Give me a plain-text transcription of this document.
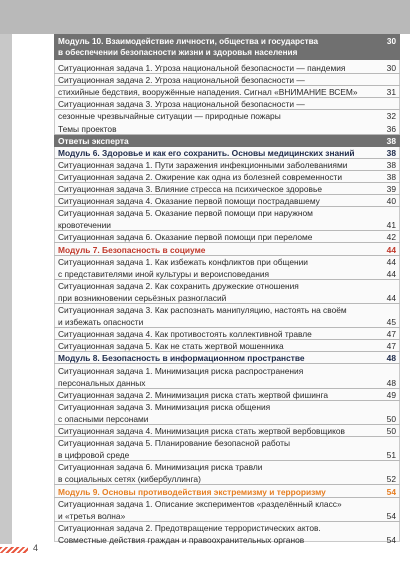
Модуль 10. Взаимодействие личности, общества и государства
в обеспечении безопасности жизни и здоровья населения
30
Ситуационная задача 1. Угроза национальной безопасности — пандемия	30
Ситуационная задача 2. Угроза национальной безопасности —
стихийные бедствия, вооружённые нападения. Сигнал «ВНИМАНИЕ ВСЕМ»	31
Ситуационная задача 3. Угроза национальной безопасности —
сезонные чрезвычайные ситуации — природные пожары	32
Темы проектов	36
Ответы эксперта	38
Модуль 6. Здоровье и как его сохранить. Основы медицинских знаний	38
Ситуационная задача 1. Пути заражения инфекционными заболеваниями	38
Ситуационная задача 2. Ожирение как одна из болезней современности	38
Ситуационная задача 3. Влияние стресса на психическое здоровье	39
Ситуационная задача 4. Оказание первой помощи пострадавшему	40
Ситуационная задача 5. Оказание первой помощи при наружном
кровотечении	41
Ситуационная задача 6. Оказание первой помощи при переломе	42
Модуль 7. Безопасность в социуме	44
Ситуационная задача 1. Как избежать конфликтов при общении	44
с представителями иной культуры и вероисповедания	44
Ситуационная задача 2. Как сохранить дружеские отношения
при возникновении серьёзных разногласий	44
Ситуационная задача 3. Как распознать манипуляцию, настоять на своём
и избежать опасности	45
Ситуационная задача 4. Как противостоять коллективной травле	47
Ситуационная задача 5. Как не стать жертвой мошенника	47
Модуль 8. Безопасность в информационном пространстве	48
Ситуационная задача 1. Минимизация риска распространения
персональных данных	48
Ситуационная задача 2. Минимизация риска стать жертвой фишинга	49
Ситуационная задача 3. Минимизация риска общения
с опасными персонами	50
Ситуационная задача 4. Минимизация риска стать жертвой вербовщиков	50
Ситуационная задача 5. Планирование безопасной работы
в цифровой среде	51
Ситуационная задача 6. Минимизация риска травли
в социальных сетях (кибербуллинга)	52
Модуль 9. Основы противодействия экстремизму и терроризму	54
Ситуационная задача 1. Описание экспериментов «разделённый класс»
и «третья волна»	54
Ситуационная задача 2. Предотвращение террористических актов.
Совместные действия граждан и правоохранительных органов	54
4
